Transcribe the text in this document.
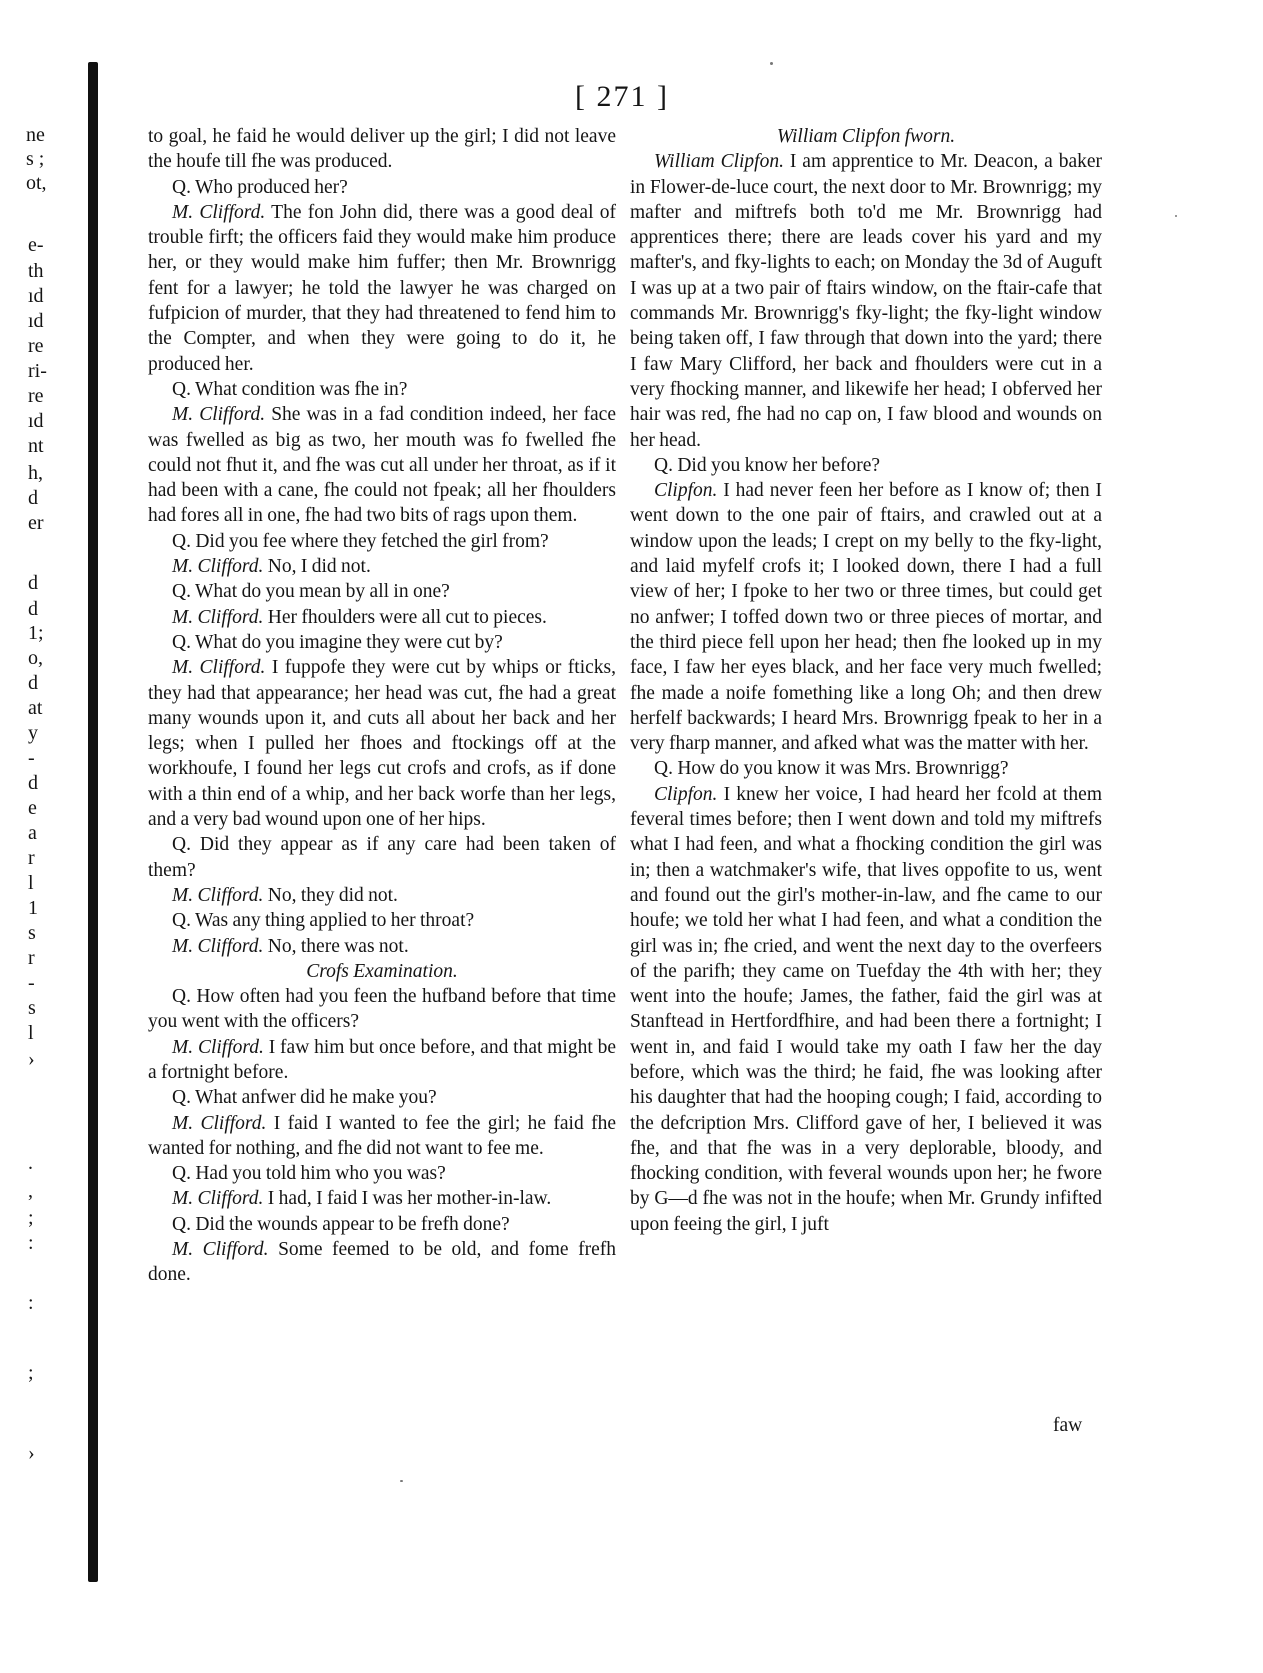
ne
s ;
ot,
e-
th
ıd
ıd
re
ri-
re
ıd
nt
h,
d
er
d
d
1;
o,
d
at
y
-
d
e
a
r
l
1
s
r
-
s
l
›
.
,
;
:
:
;
›
[ 271 ]

to goal, he faid he would deliver up the girl; I did not leave the houfe till fhe was produced.

Q. Who produced her?

M. Clifford. The fon John did, there was a good deal of trouble firft; the officers faid they would make him produce her, or they would make him fuffer; then Mr. Brownrigg fent for a lawyer; he told the lawyer he was charged on fufpicion of murder, that they had threatened to fend him to the Compter, and when they were going to do it, he produced her.

Q. What condition was fhe in?

M. Clifford. She was in a fad condition indeed, her face was fwelled as big as two, her mouth was fo fwelled fhe could not fhut it, and fhe was cut all under her throat, as if it had been with a cane, fhe could not fpeak; all her fhoulders had fores all in one, fhe had two bits of rags upon them.

Q. Did you fee where they fetched the girl from?

M. Clifford. No, I did not.

Q. What do you mean by all in one?

M. Clifford. Her fhoulders were all cut to pieces.

Q. What do you imagine they were cut by?

M. Clifford. I fuppofe they were cut by whips or fticks, they had that appearance; her head was cut, fhe had a great many wounds upon it, and cuts all about her back and her legs; when I pulled her fhoes and ftockings off at the workhoufe, I found her legs cut crofs and crofs, as if done with a thin end of a whip, and her back worfe than her legs, and a very bad wound upon one of her hips.

Q. Did they appear as if any care had been taken of them?

M. Clifford. No, they did not.

Q. Was any thing applied to her throat?

M. Clifford. No, there was not.

Crofs Examination.

Q. How often had you feen the hufband before that time you went with the officers?

M. Clifford. I faw him but once before, and that might be a fortnight before.

Q. What anfwer did he make you?

M. Clifford. I faid I wanted to fee the girl; he faid fhe wanted for nothing, and fhe did not want to fee me.

Q. Had you told him who you was?

M. Clifford. I had, I faid I was her mother-in-law.

Q. Did the wounds appear to be frefh done?

M. Clifford. Some feemed to be old, and fome frefh done.

William Clipfon fworn.

William Clipfon. I am apprentice to Mr. Deacon, a baker in Flower-de-luce court, the next door to Mr. Brownrigg; my mafter and miftrefs both to'd me Mr. Brownrigg had apprentices there; there are leads cover his yard and my mafter's, and fky-lights to each; on Monday the 3d of Auguft I was up at a two pair of ftairs window, on the ftair-cafe that commands Mr. Brownrigg's fky-light; the fky-light window being taken off, I faw through that down into the yard; there I faw Mary Clifford, her back and fhoulders were cut in a very fhocking manner, and likewife her head; I obferved her hair was red, fhe had no cap on, I faw blood and wounds on her head.

Q. Did you know her before?

Clipfon. I had never feen her before as I know of; then I went down to the one pair of ftairs, and crawled out at a window upon the leads; I crept on my belly to the fky-light, and laid myfelf crofs it; I looked down, there I had a full view of her; I fpoke to her two or three times, but could get no anfwer; I toffed down two or three pieces of mortar, and the third piece fell upon her head; then fhe looked up in my face, I faw her eyes black, and her face very much fwelled; fhe made a noife fomething like a long Oh; and then drew herfelf backwards; I heard Mrs. Brownrigg fpeak to her in a very fharp manner, and afked what was the matter with her.

Q. How do you know it was Mrs. Brownrigg?

Clipfon. I knew her voice, I had heard her fcold at them feveral times before; then I went down and told my miftrefs what I had feen, and what a fhocking condition the girl was in; then a watchmaker's wife, that lives oppofite to us, went and found out the girl's mother-in-law, and fhe came to our houfe; we told her what I had feen, and what a condition the girl was in; fhe cried, and went the next day to the overfeers of the parifh; they came on Tuefday the 4th with her; they went into the houfe; James, the father, faid the girl was at Stanftead in Hertfordfhire, and had been there a fortnight; I went in, and faid I would take my oath I faw her the day before, which was the third; he faid, fhe was looking after his daughter that had the hooping cough; I faid, according to the defcription Mrs. Clifford gave of her, I believed it was fhe, and that fhe was in a very deplorable, bloody, and fhocking condition, with feveral wounds upon her; he fwore by G—d fhe was not in the houfe; when Mr. Grundy infifted upon feeing the girl, I juft

faw
